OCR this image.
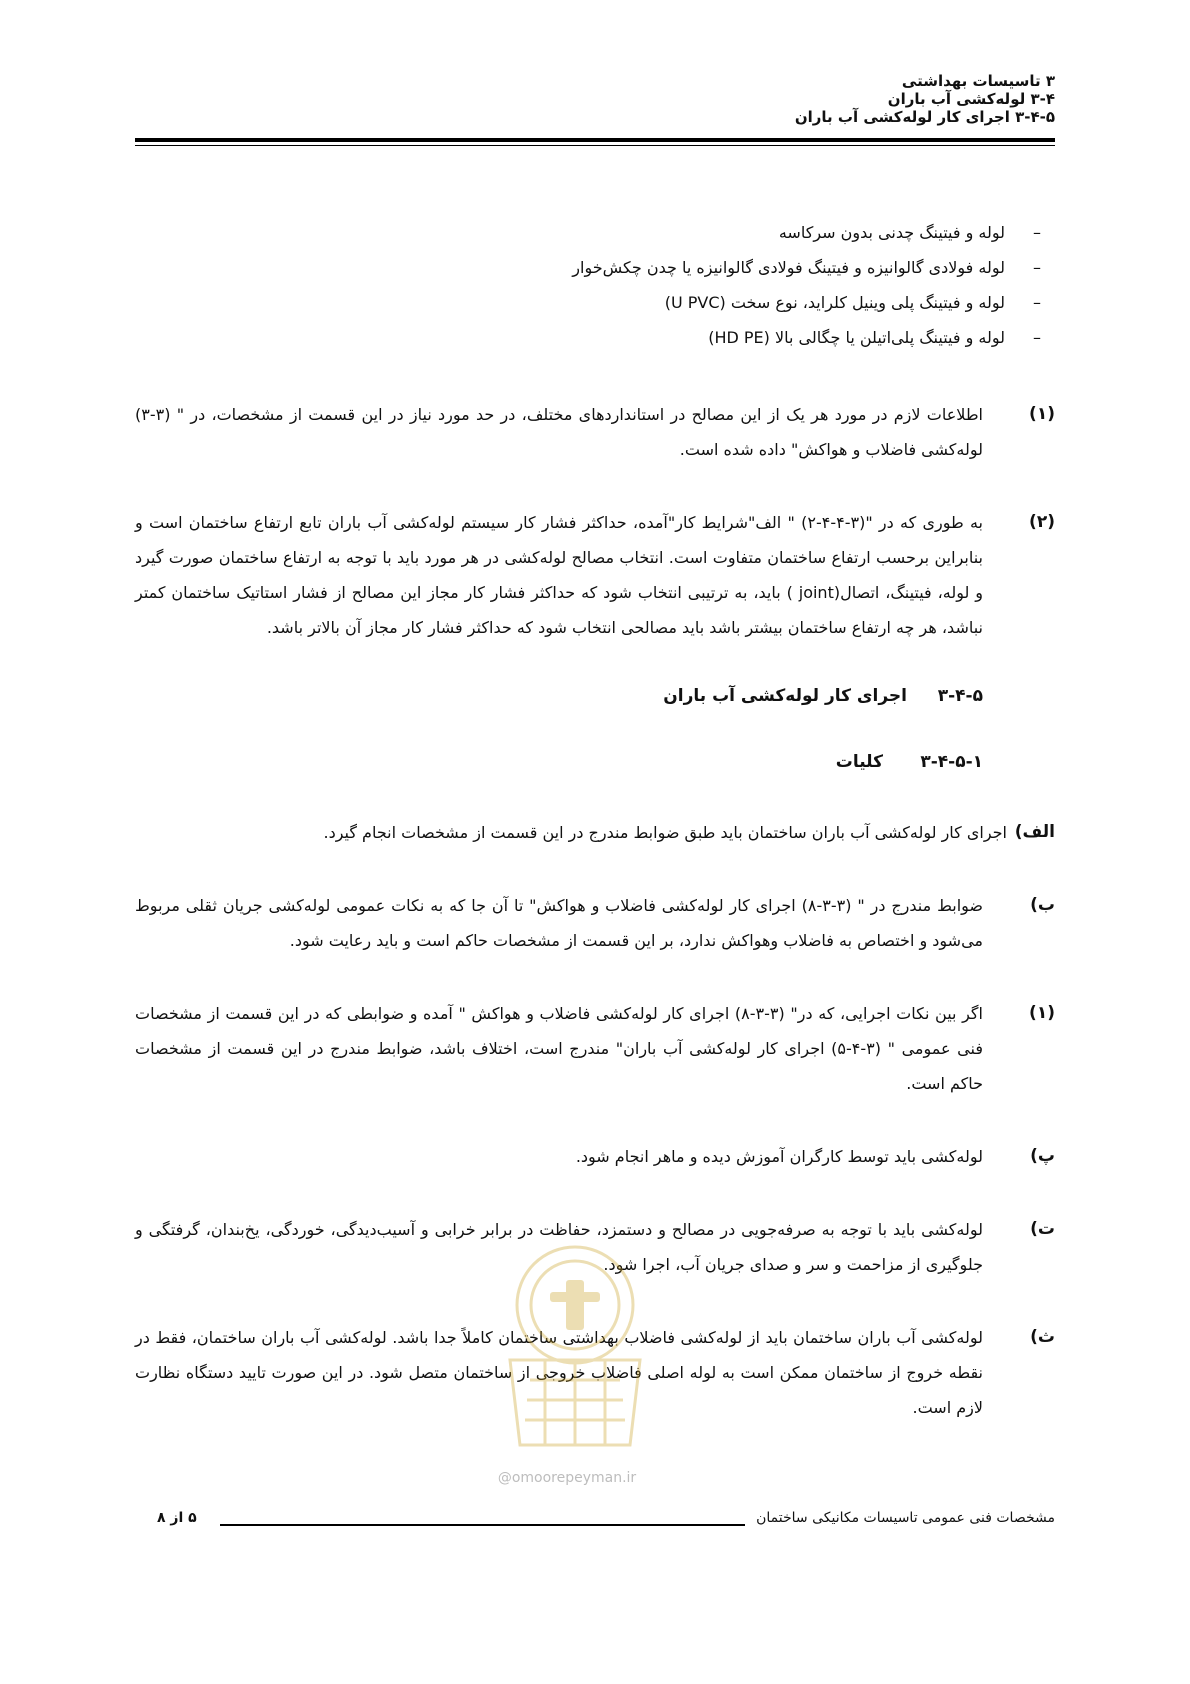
۳ تاسیسات بهداشتی
۳-۴ لوله‌کشی آب باران
۳-۴-۵ اجرای کار لوله‌کشی آب باران
–
لوله و فیتینگ چدنی بدون سرکاسه
–
لوله فولادی گالوانیزه و فیتینگ فولادی گالوانیزه یا چدن چکش‌خوار
–
لوله و فیتینگ پلی وینیل کلراید، نوع سخت (U PVC)
–
لوله و فیتینگ پلی‌اتیلن یا چگالی بالا (HD PE)
(۱)
اطلاعات لازم در مورد هر یک از این مصالح در استانداردهای مختلف، در حد مورد نیاز در این قسمت از مشخصات، در " (۳-۳) لوله‌کشی فاضلاب و هواکش" داده شده است.
(۲)
به طوری که در "(۳-۴-۴-۲) " الف"شرایط کار"آمده، حداکثر فشار کار سیستم لوله‌کشی آب باران تابع ارتفاع ساختمان است و بنابراین برحسب ارتفاع ساختمان متفاوت است. انتخاب مصالح لوله‌کشی در هر مورد باید با توجه به ارتفاع ساختمان صورت گیرد و لوله، فیتینگ، اتصال(joint ) باید، به ترتیبی انتخاب شود که حداکثر فشار کار مجاز این مصالح از فشار استاتیک ساختمان کمتر نباشد، هر چه ارتفاع ساختمان بیشتر باشد باید مصالحی انتخاب شود که حداکثر فشار کار مجاز آن بالاتر باشد.
۳-۴-۵
اجرای کار لوله‌کشی آب باران
۳-۴-۵-۱
کلیات
الف)
اجرای کار لوله‌کشی آب باران ساختمان باید طبق ضوابط مندرج در این قسمت از مشخصات انجام گیرد.
ب)
ضوابط مندرج در " (۳-۳-۸) اجرای کار لوله‌کشی فاضلاب و هواکش" تا آن جا که به نکات عمومی لوله‌کشی جریان ثقلی مربوط می‌شود و اختصاص به فاضلاب وهواکش ندارد، بر این قسمت از مشخصات حاکم است و باید رعایت شود.
(۱)
اگر بین نکات اجرایی، که در" (۳-۳-۸) اجرای کار لوله‌کشی فاضلاب و هواکش " آمده و ضوابطی که در این قسمت از مشخصات فنی عمومی " (۳-۴-۵) اجرای کار لوله‌کشی آب باران" مندرج است، اختلاف باشد، ضوابط مندرج در این قسمت از مشخصات حاکم است.
پ)
لوله‌کشی باید توسط کارگران آموزش دیده و ماهر انجام شود.
ت)
لوله‌کشی باید با توجه به صرفه‌جویی در مصالح و دستمزد، حفاظت در برابر خرابی و آسیب‌دیدگی، خوردگی، یخ‌بندان، گرفتگی و جلوگیری از مزاحمت و سر و صدای جریان آب، اجرا شود.
ث)
لوله‌کشی آب باران ساختمان باید از لوله‌کشی فاضلاب بهداشتی ساختمان کاملاً جدا باشد. لوله‌کشی آب باران ساختمان، فقط در نقطه خروج از ساختمان ممکن است به لوله اصلی فاضلاب خروجی از ساختمان متصل شود. در این صورت تایید دستگاه نظارت لازم است.
@omoorepeyman.ir
مشخصات فنی عمومی تاسیسات مکانیکی ساختمان
۵ از ۸
